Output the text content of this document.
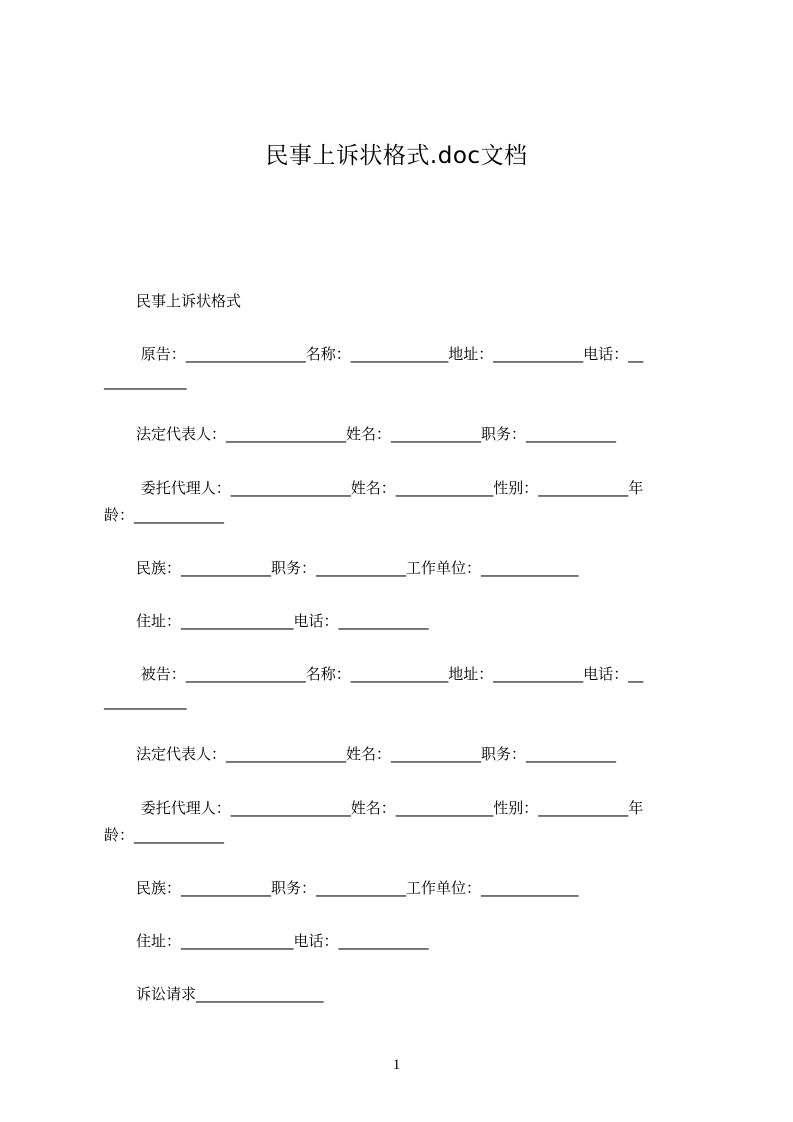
民事上诉状格式.doc文档
民事上诉状格式
原告：________________名称：_____________地址：____________电话：__
___________
法定代表人：________________姓名：____________职务：____________
委托代理人：________________姓名：_____________性别：____________年
龄：____________
民族：____________职务：____________工作单位：_____________
住址：_______________电话：____________
被告：________________名称：_____________地址：____________电话：__
___________
法定代表人：________________姓名：____________职务：____________
委托代理人：________________姓名：_____________性别：____________年
龄：____________
民族：____________职务：____________工作单位：_____________
住址：_______________电话：____________
诉讼请求_________________
1
